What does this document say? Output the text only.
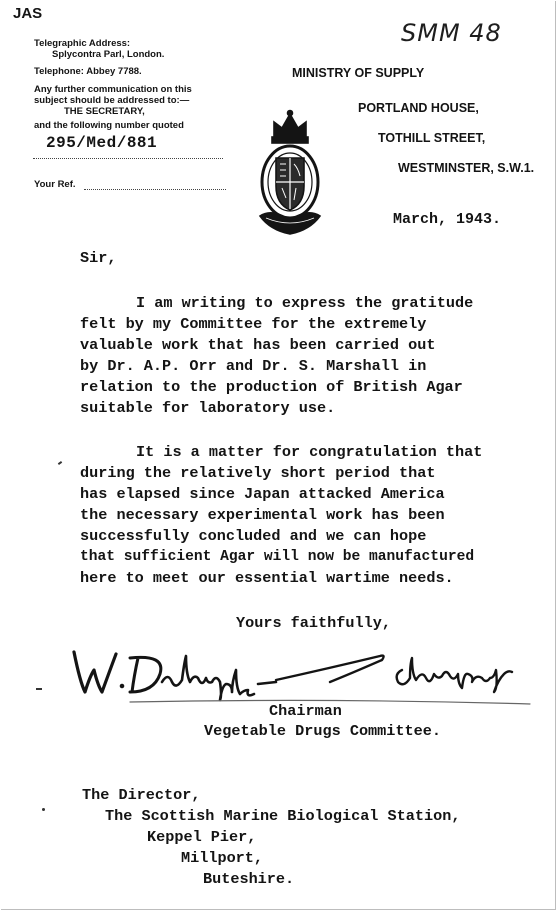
JAS
SMM 48
Telegraphic Address:
Splycontra Parl, London.
Telephone: Abbey 7788.
Any further communication on this
subject should be addressed to:—
THE SECRETARY,
and the following number quoted
295/Med/881
Your Ref.
MINISTRY OF SUPPLY
PORTLAND HOUSE,
TOTHILL STREET,
WESTMINSTER, S.W.1.
March, 1943.
Sir,
I am writing to express the gratitude
felt by my Committee for the extremely
valuable work that has been carried out
by Dr. A.P. Orr and Dr. S. Marshall in
relation to the production of British Agar
suitable for laboratory use.
It is a matter for congratulation that
during the relatively short period that
has elapsed since Japan attacked America
the necessary experimental work has been
successfully concluded and we can hope
that sufficient Agar will now be manufactured
here to meet our essential wartime needs.
Yours faithfully,
Chairman
Vegetable Drugs Committee.
The Director,
The Scottish Marine Biological Station,
Keppel Pier,
Millport,
Buteshire.
